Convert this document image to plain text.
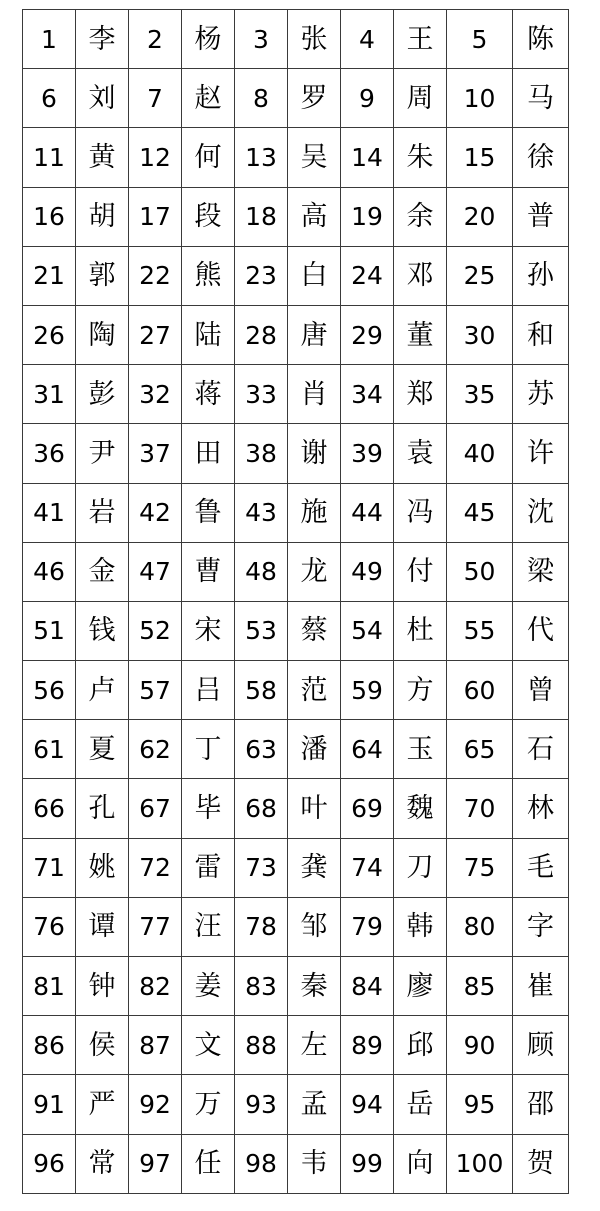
1	李	2	杨	3	张	4	王	5	陈
6	刘	7	赵	8	罗	9	周	10	马
11	黄	12	何	13	吴	14	朱	15	徐
16	胡	17	段	18	高	19	余	20	普
21	郭	22	熊	23	白	24	邓	25	孙
26	陶	27	陆	28	唐	29	董	30	和
31	彭	32	蒋	33	肖	34	郑	35	苏
36	尹	37	田	38	谢	39	袁	40	许
41	岩	42	鲁	43	施	44	冯	45	沈
46	金	47	曹	48	龙	49	付	50	梁
51	钱	52	宋	53	蔡	54	杜	55	代
56	卢	57	吕	58	范	59	方	60	曾
61	夏	62	丁	63	潘	64	玉	65	石
66	孔	67	毕	68	叶	69	魏	70	林
71	姚	72	雷	73	龚	74	刀	75	毛
76	谭	77	汪	78	邹	79	韩	80	字
81	钟	82	姜	83	秦	84	廖	85	崔
86	侯	87	文	88	左	89	邱	90	顾
91	严	92	万	93	孟	94	岳	95	邵
96	常	97	任	98	韦	99	向	100	贺
